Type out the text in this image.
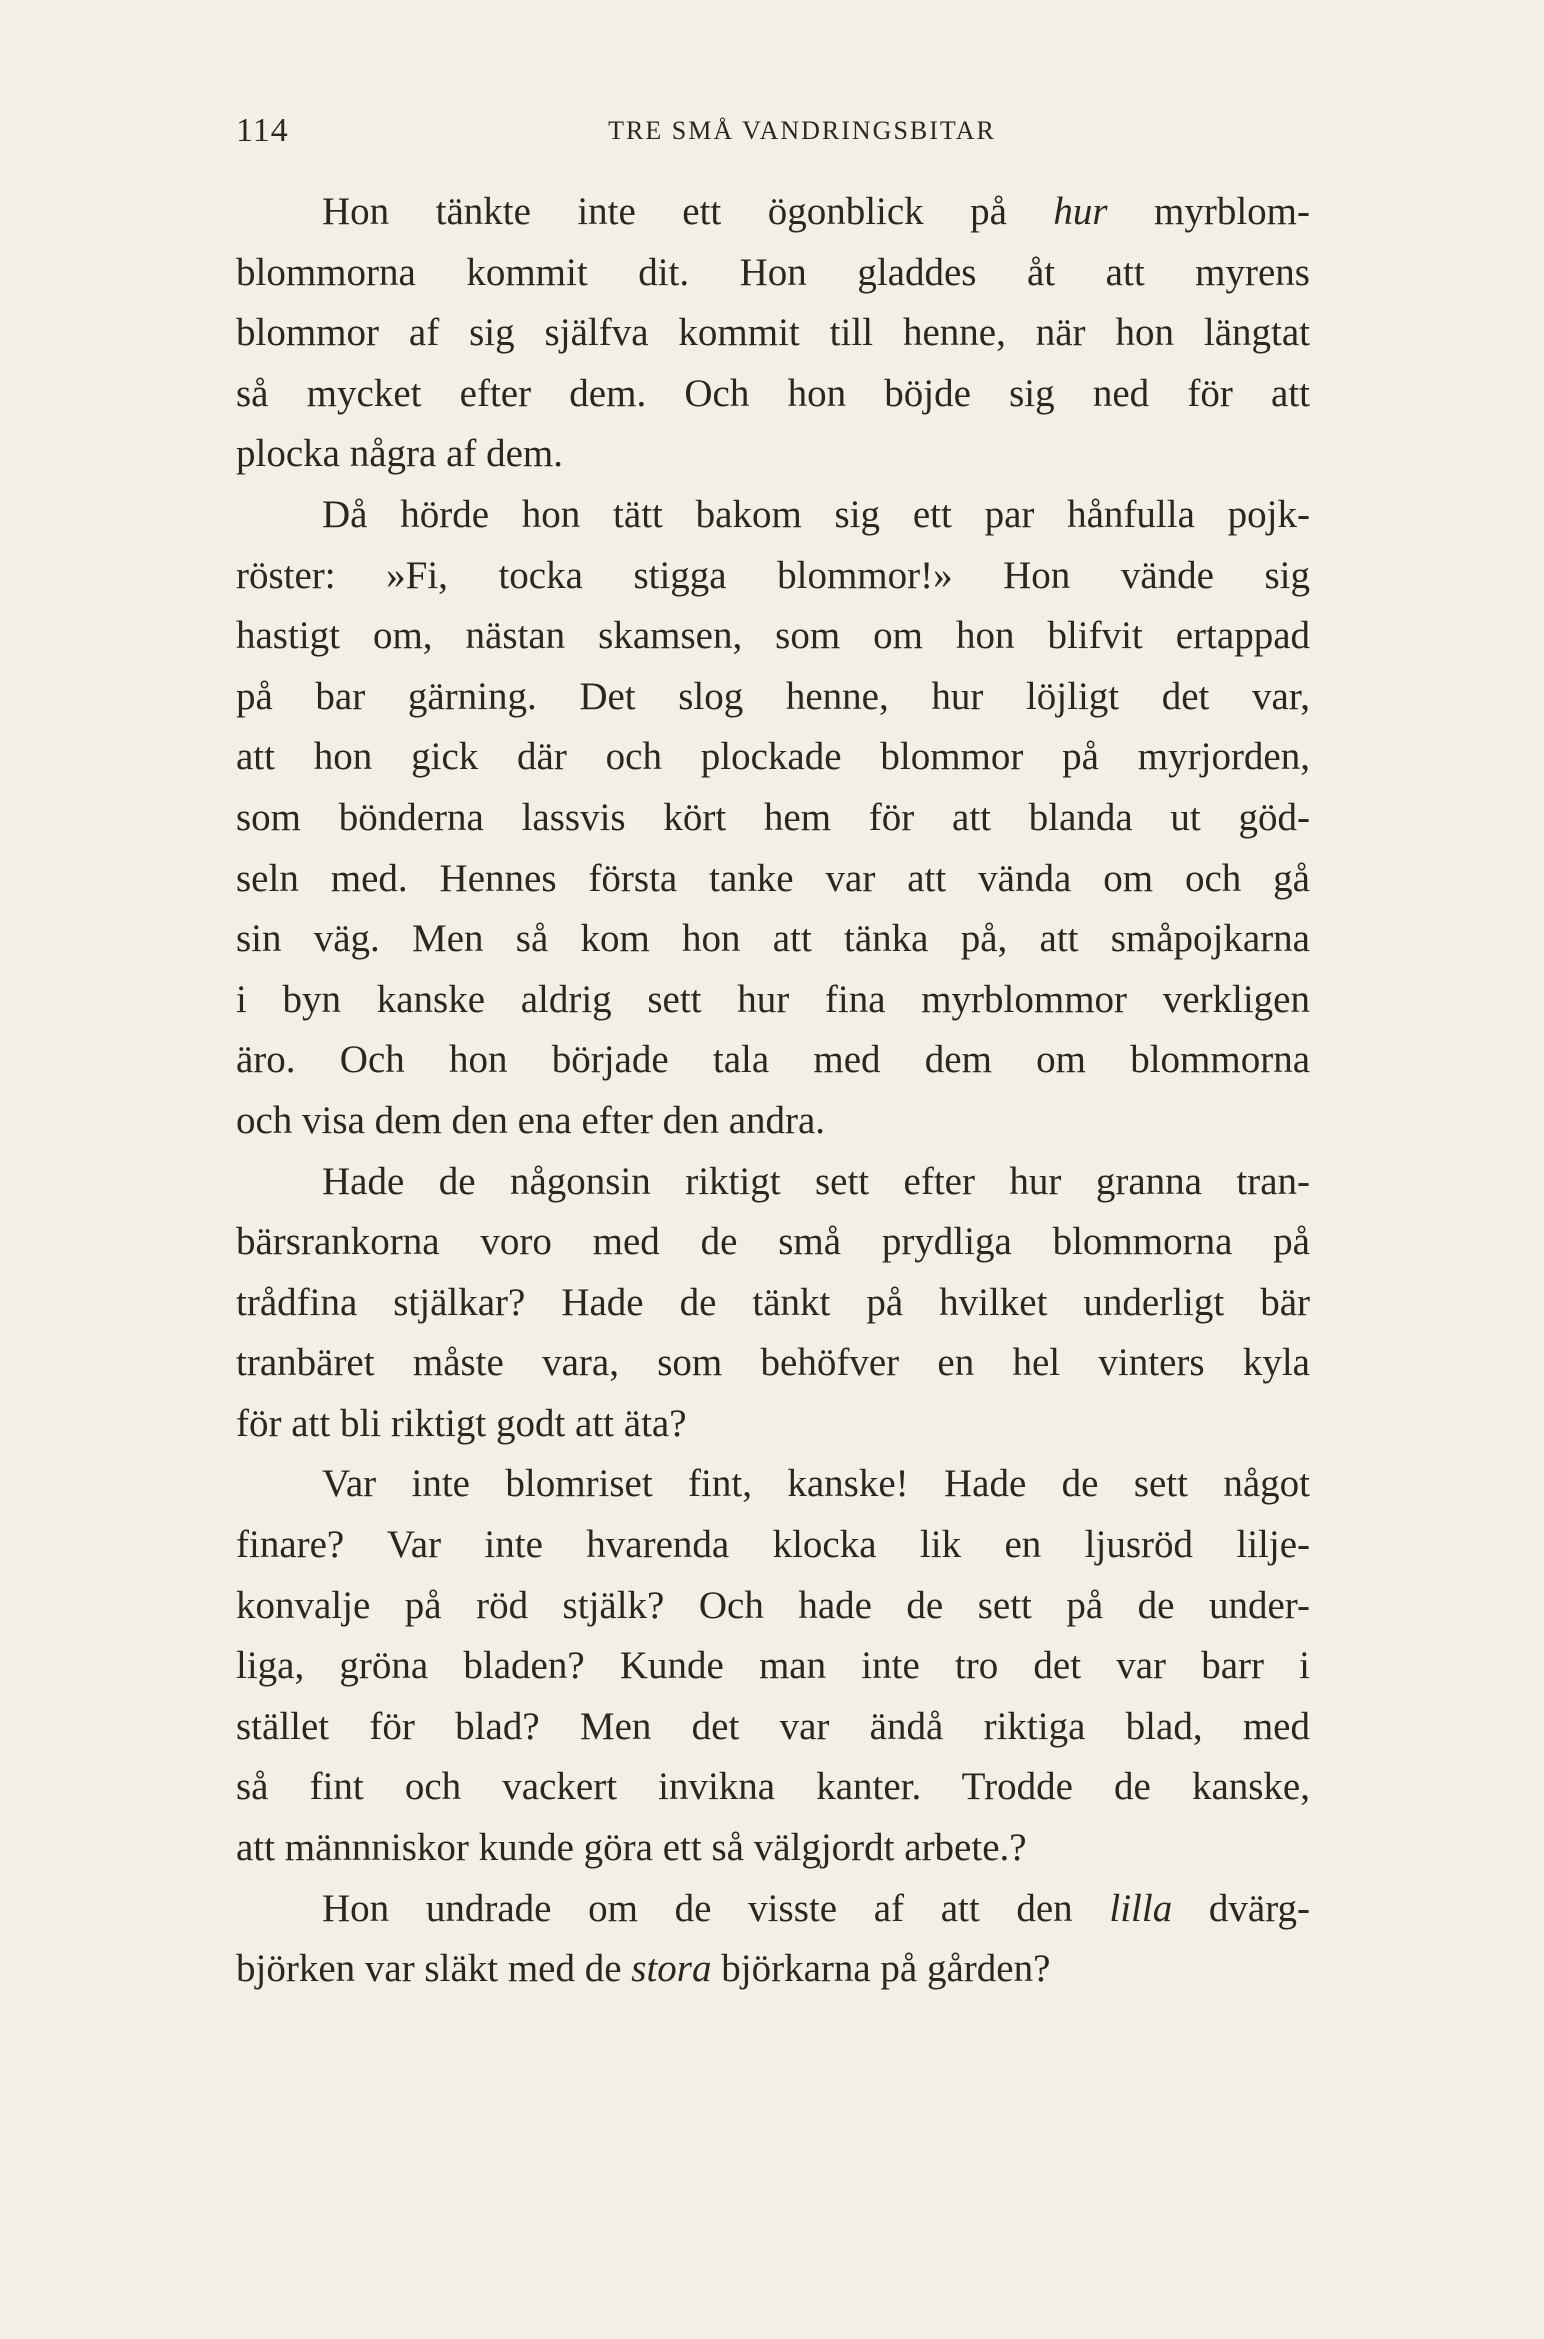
114	TRE SMÅ VANDRINGSBITAR
Hon tänkte inte ett ögonblick på hur myrblom-
blommorna kommit dit. Hon gladdes åt att myrens
blommor af sig själfva kommit till henne, när hon längtat
så mycket efter dem. Och hon böjde sig ned för att
plocka några af dem.
Då hörde hon tätt bakom sig ett par hånfulla pojk-
röster: »Fi, tocka stigga blommor!» Hon vände sig
hastigt om, nästan skamsen, som om hon blifvit ertappad
på bar gärning. Det slog henne, hur löjligt det var,
att hon gick där och plockade blommor på myrjorden,
som bönderna lassvis kört hem för att blanda ut göd-
seln med. Hennes första tanke var att vända om och gå
sin väg. Men så kom hon att tänka på, att småpojkarna
i byn kanske aldrig sett hur fina myrblommor verkligen
äro. Och hon började tala med dem om blommorna
och visa dem den ena efter den andra.
Hade de någonsin riktigt sett efter hur granna tran-
bärsrankorna voro med de små prydliga blommorna på
trådfina stjälkar? Hade de tänkt på hvilket underligt bär
tranbäret måste vara, som behöfver en hel vinters kyla
för att bli riktigt godt att äta?
Var inte blomriset fint, kanske! Hade de sett något
finare? Var inte hvarenda klocka lik en ljusröd lilje-
konvalje på röd stjälk? Och hade de sett på de under-
liga, gröna bladen? Kunde man inte tro det var barr i
stället för blad? Men det var ändå riktiga blad, med
så fint och vackert invikna kanter. Trodde de kanske,
att männniskor kunde göra ett så välgjordt arbete.?
Hon undrade om de visste af att den lilla dvärg-
björken var släkt med de stora björkarna på gården?
